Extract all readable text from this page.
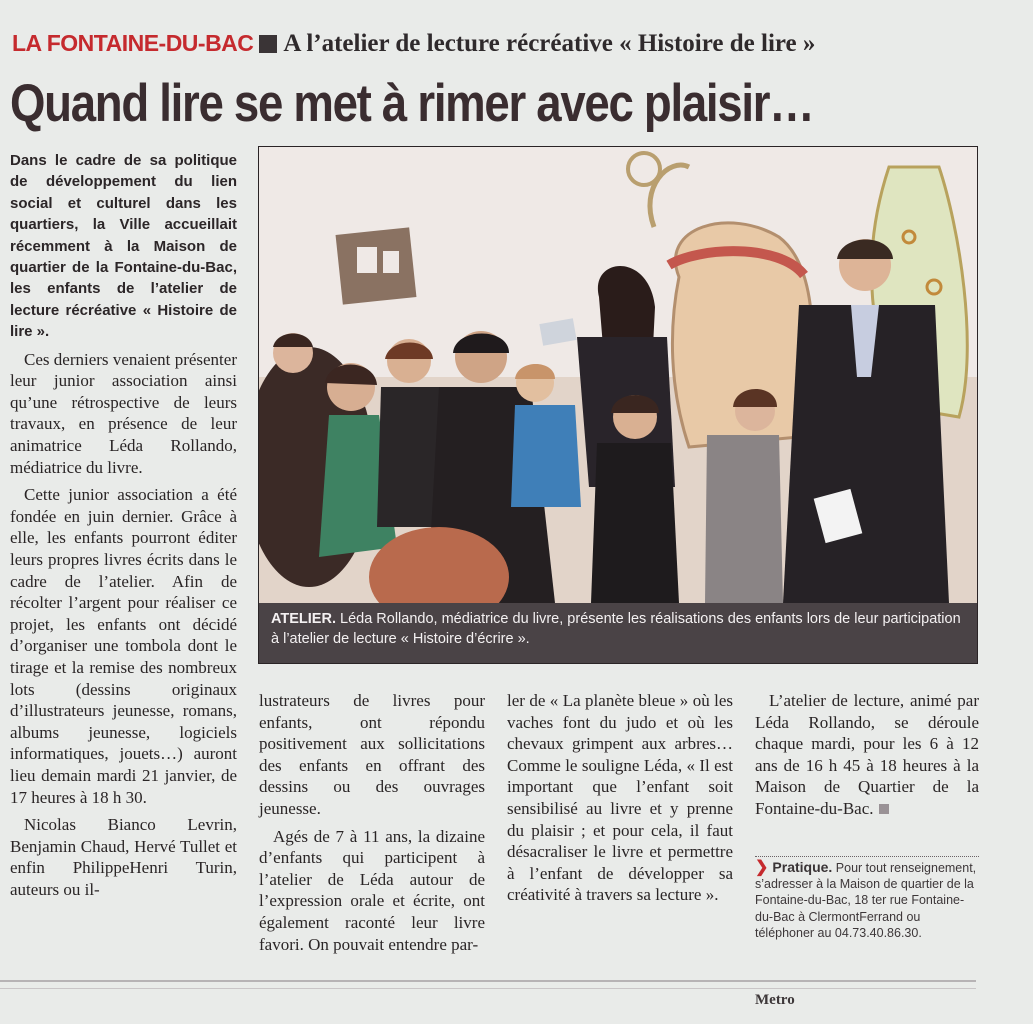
LA FONTAINE-DU-BAC A l’atelier de lecture récréative « Histoire de lire »
Quand lire se met à rimer avec plaisir…

Dans le cadre de sa politique de développement du lien social et culturel dans les quartiers, la Ville accueillait récemment à la Maison de quartier de la Fontaine-du-Bac, les enfants de l’atelier de lecture récréative « Histoire de lire ».

Ces derniers venaient présenter leur junior association ainsi qu’une rétrospective de leurs travaux, en présence de leur animatrice Léda Rollando, médiatrice du livre.

Cette junior association a été fondée en juin dernier. Grâce à elle, les enfants pourront éditer leurs propres livres écrits dans le cadre de l’atelier. Afin de récolter l’argent pour réaliser ce projet, les enfants ont décidé d’organiser une tombola dont le tirage et la remise des nombreux lots (dessins originaux d’illustrateurs jeunesse, romans, albums jeunesse, logiciels informatiques, jouets…) auront lieu demain mardi 21 janvier, de 17 heures à 18 h 30.

Nicolas Bianco Levrin, Benjamin Chaud, Hervé Tullet et enfin PhilippeHenri Turin, auteurs ou il-

ATELIER. Léda Rollando, médiatrice du livre, présente les réalisations des enfants lors de leur participation à l’atelier de lecture « Histoire d’écrire ».

lustrateurs de livres pour enfants, ont répondu positivement aux sollicitations des enfants en offrant des dessins ou des ouvrages jeunesse.

Agés de 7 à 11 ans, la dizaine d’enfants qui participent à l’atelier de Léda autour de l’expression orale et écrite, ont également raconté leur livre favori. On pouvait entendre par-

ler de « La planète bleue » où les vaches font du judo et où les chevaux grimpent aux arbres… Comme le souligne Léda, « Il est important que l’enfant soit sensibilisé au livre et y prenne du plaisir ; et pour cela, il faut désacraliser le livre et permettre à l’enfant de développer sa créativité à travers sa lecture ».

L’atelier de lecture, animé par Léda Rollando, se déroule chaque mardi, pour les 6 à 12 ans de 16 h 45 à 18 heures à la Maison de Quartier de la Fontaine-du-Bac.

❯ Pratique. Pour tout renseignement, s’adresser à la Maison de quartier de la Fontaine-du-Bac, 18 ter rue Fontaine-du-Bac à ClermontFerrand ou téléphoner au 04.73.40.86.30.
Metro
